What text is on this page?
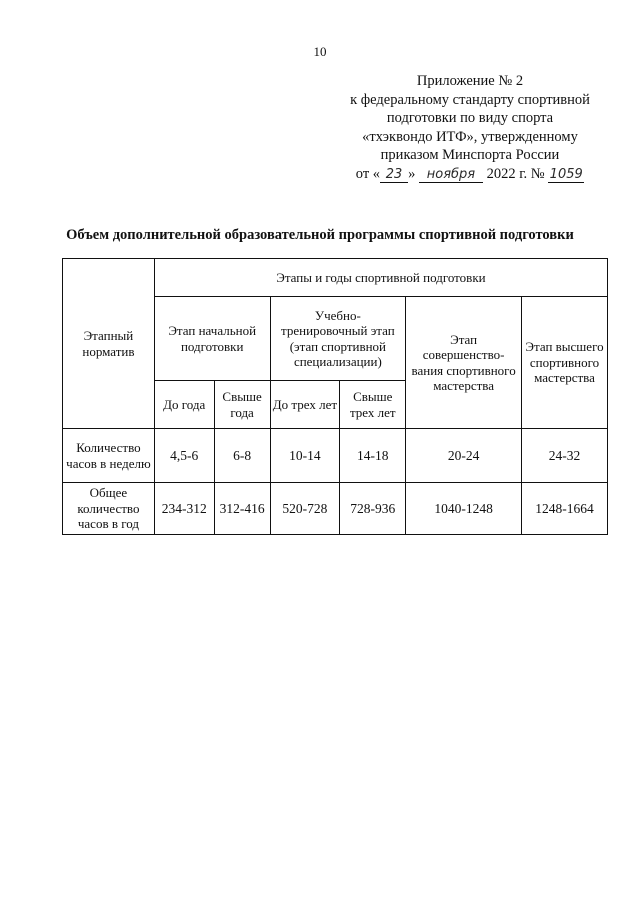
10
Приложение № 2
к федеральному стандарту спортивной
подготовки по виду спорта
«тхэквондо ИТФ», утвержденному
приказом Минспорта России
от « 23 » ноября 2022 г. № 1059
Объем дополнительной образовательной программы спортивной подготовки
Этапный норматив	Этапы и годы спортивной подготовки					
	Этап начальной подготовки		Учебно-тренировочный этап (этап спортивной специализации)		Этап совершенство-вания спортивного мастерства	Этап высшего спортивного мастерства
	До года	Свыше года	До трех лет	Свыше трех лет		
Количество часов в неделю	4,5-6	6-8	10-14	14-18	20-24	24-32
Общее количество часов в год	234-312	312-416	520-728	728-936	1040-1248	1248-1664
